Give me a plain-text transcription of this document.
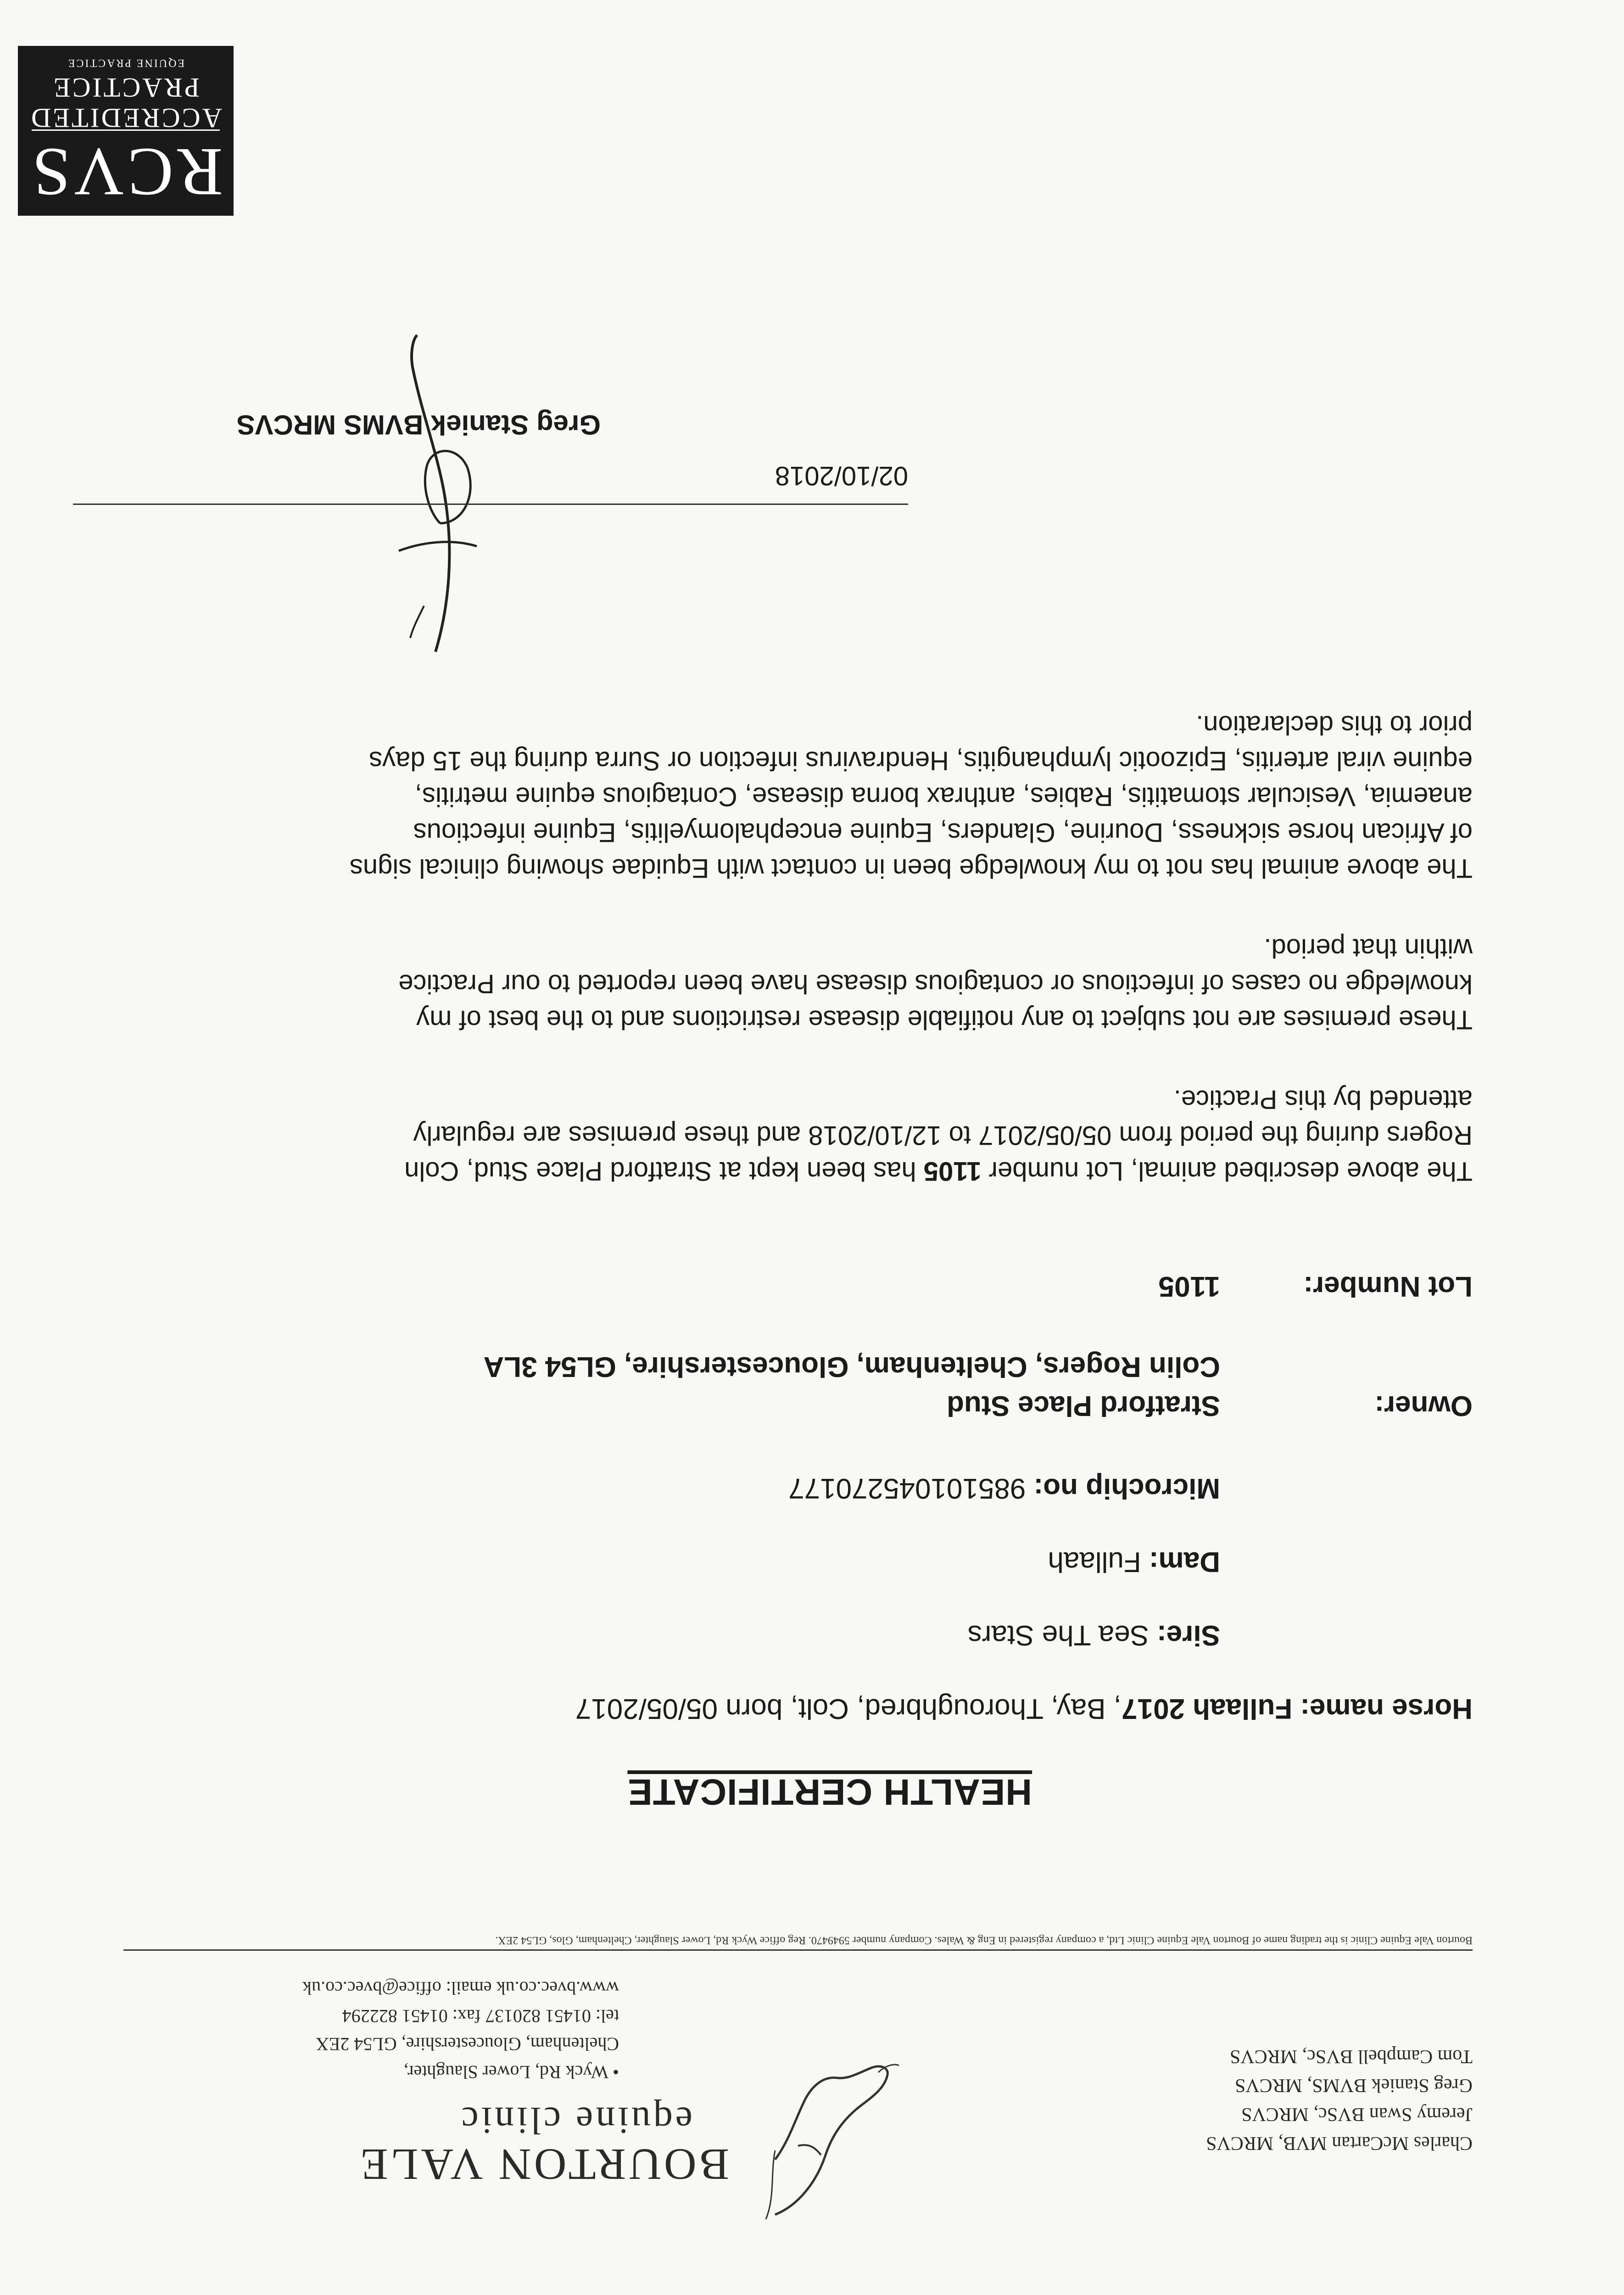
Charles McCartan MVB, MRCVS
Jeremy Swan BVSc, MRCVS
Greg Staniek BVMS, MRCVS
Tom Campbell BVSc, MRCVS
BOURTON VALE
equine clinic
• Wyck Rd, Lower Slaughter,
Cheltenham, Gloucestershire, GL54 2EX
tel: 01451 820137 fax: 01451 822294
www.bvec.co.uk email: office@bvec.co.uk
Bourton Vale Equine Clinic is the trading name of Bourton Vale Equine Clinic Ltd, a company registered in Eng & Wales. Company number 5949470. Reg office Wyck Rd, Lower Slaughter, Cheltenham, Glos, GL54 2EX.
HEALTH CERTIFICATE
Horse name: Fullaah 2017, Bay, Thoroughbred, Colt, born 05/05/2017
Sire: Sea The Stars
Dam: Fullaah
Microchip no: 985101045270177
Owner:
Stratford Place Stud
Colin Rogers, Cheltenham, Gloucestershire, GL54 3LA
Lot Number:
1105
The above described animal, Lot number 1105 has been kept at Stratford Place Stud, Coln
Rogers during the period from 05/05/2017 to 12/10/2018 and these premises are regularly
attended by this Practice.
These premises are not subject to any notifiable disease restrictions and to the best of my
knowledge no cases of infectious or contagious disease have been reported to our Practice
within that period.
The above animal has not to my knowledge been in contact with Equidae showing clinical signs
of African horse sickness, Dourine, Glanders, Equine encephalomyelitis, Equine infectious
anaemia, Vesicular stomatitis, Rabies, anthrax borna disease, Contagious equine metritis,
equine viral arteritis, Epizootic lymphangitis, Hendravirus infection or Surra during the 15 days
prior to this declaration.
02/10/2018
Greg Staniek BVMS MRCVS
RCVS
ACCREDITED
PRACTICE
EQUINE PRACTICE
